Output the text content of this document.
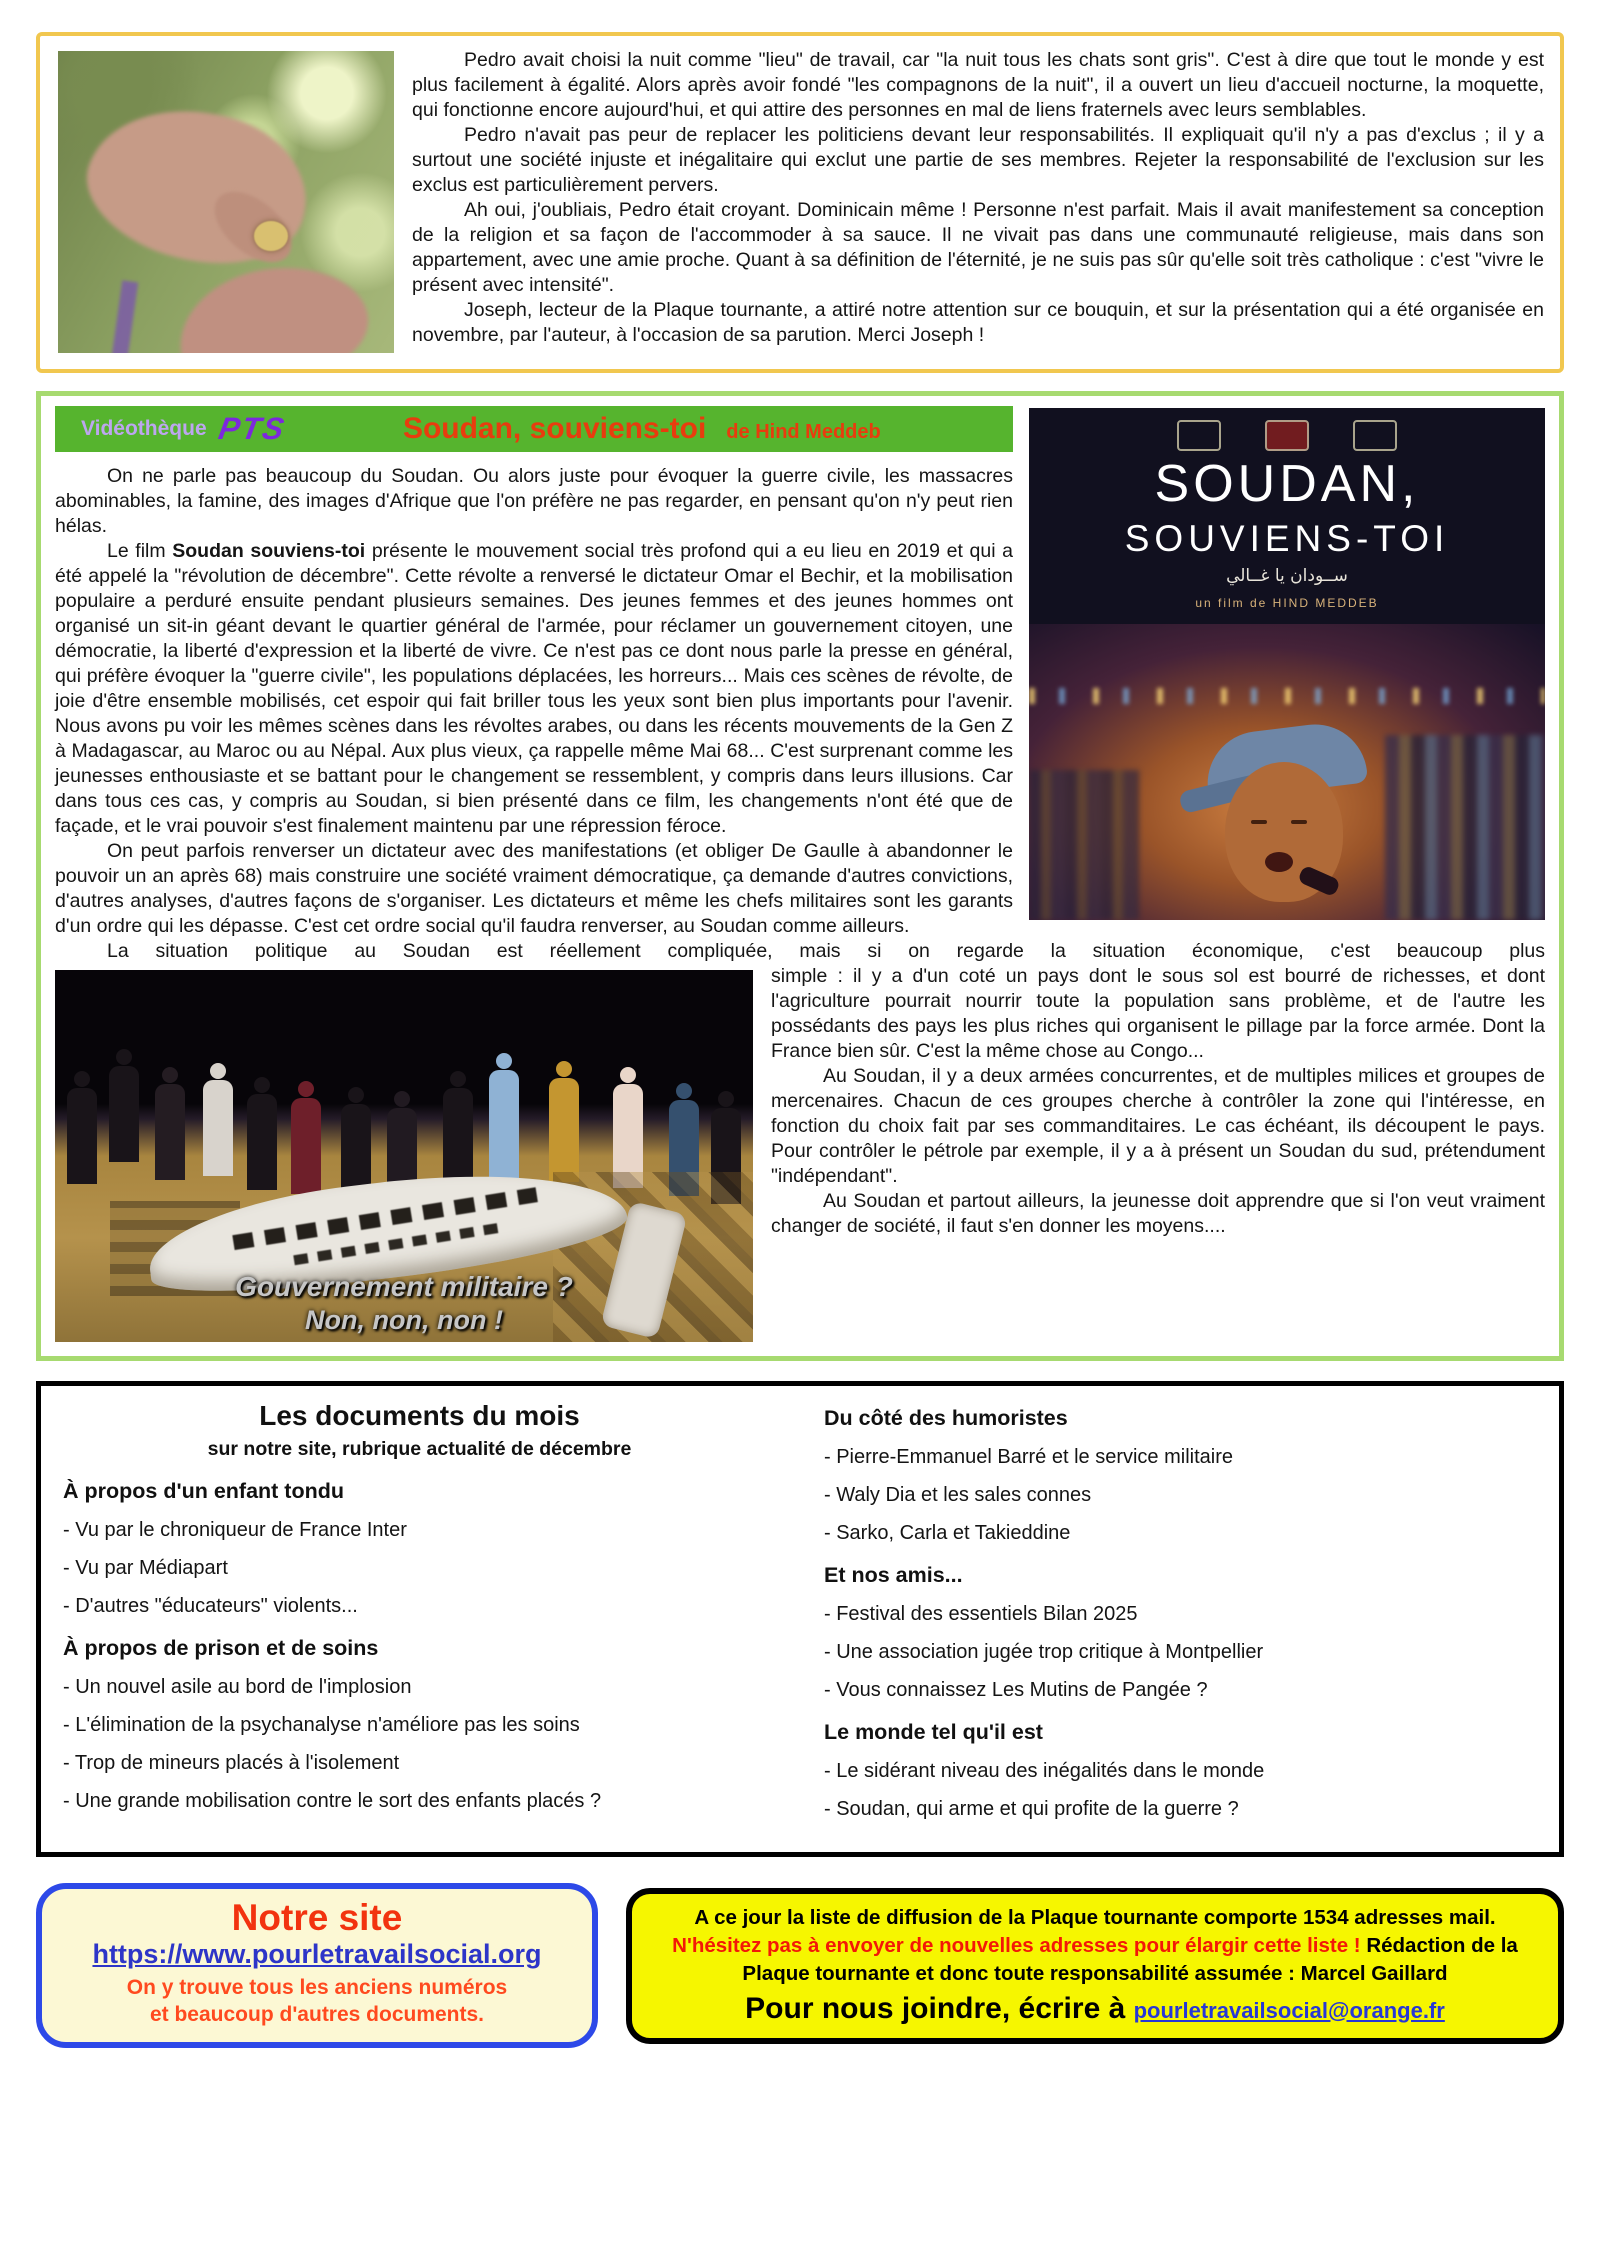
Pedro avait choisi la nuit comme "lieu" de travail, car "la nuit tous les chats sont gris". C'est à dire que tout le monde y est plus facilement à égalité. Alors après avoir fondé "les compagnons de la nuit", il a ouvert un lieu d'accueil nocturne, la moquette, qui fonctionne encore aujourd'hui, et qui attire des personnes en mal de liens fraternels avec leurs semblables.

Pedro n'avait pas peur de replacer les politiciens devant leur responsabilités. Il expliquait qu'il n'y a pas d'exclus ; il y a surtout une société injuste et inégalitaire qui exclut une partie de ses membres. Rejeter la responsabilité de l'exclusion sur les exclus est particulièrement pervers.

Ah oui, j'oubliais, Pedro était croyant. Dominicain même ! Personne n'est parfait. Mais il avait manifestement sa conception de la religion et sa façon de l'accommoder à sa sauce. Il ne vivait pas dans une communauté religieuse, mais dans son appartement, avec une amie proche. Quant à sa définition de l'éternité, je ne suis pas sûr qu'elle soit très catholique : c'est "vivre le présent avec intensité".

Joseph, lecteur de la Plaque tournante, a attiré notre attention sur ce bouquin, et sur la présentation qui a été organisée en novembre, par l'auteur, à l'occasion de sa parution. Merci Joseph !

SOUDAN,
SOUVIENS-TOI
ســودان يا غــالي
un film de HIND MEDDEB
Vidéothèque PTS	Soudan, souviens-toi de Hind Meddeb

On ne parle pas beaucoup du Soudan. Ou alors juste pour évoquer la guerre civile, les massacres abominables, la famine, des images d'Afrique que l'on préfère ne pas regarder, en pensant qu'on n'y peut rien hélas.

Le film Soudan souviens-toi présente le mouvement social très profond qui a eu lieu en 2019 et qui a été appelé la "révolution de décembre". Cette révolte a renversé le dictateur Omar el Bechir, et la mobilisation populaire a perduré ensuite pendant plusieurs semaines. Des jeunes femmes et des jeunes hommes ont organisé un sit-in géant devant le quartier général de l'armée, pour réclamer un gouvernement citoyen, une démocratie, la liberté d'expression et la liberté de vivre. Ce n'est pas ce dont nous parle la presse en général, qui préfère évoquer la "guerre civile", les populations déplacées, les horreurs... Mais ces scènes de révolte, de joie d'être ensemble mobilisés, cet espoir qui fait briller tous les yeux sont bien plus importants pour l'avenir. Nous avons pu voir les mêmes scènes dans les révoltes arabes, ou dans les récents mouvements de la Gen Z à Madagascar, au Maroc ou au Népal. Aux plus vieux, ça rappelle même Mai 68... C'est surprenant comme les jeunesses enthousiaste et se battant pour le changement se ressemblent, y compris dans leurs illusions. Car dans tous ces cas, y compris au Soudan, si bien présenté dans ce film, les changements n'ont été que de façade, et le vrai pouvoir s'est finalement maintenu par une répression féroce.

On peut parfois renverser un dictateur avec des manifestations (et obliger De Gaulle à abandonner le pouvoir un an après 68) mais construire une société vraiment démocratique, ça demande d'autres convictions, d'autres analyses, d'autres façons de s'organiser. Les dictateurs et même les chefs militaires sont les garants d'un ordre qui les dépasse. C'est cet ordre social qu'il faudra renverser, au Soudan comme ailleurs.

La situation politique au Soudan est réellement compliquée, mais si on regarde la situation économique, c'est beaucoup plus

Gouvernement militaire ?
Non, non, non !

simple : il y a d'un coté un pays dont le sous sol est bourré de richesses, et dont l'agriculture pourrait nourrir toute la population sans problème, et de l'autre les possédants des pays les plus riches qui organisent le pillage par la force armée. Dont la France bien sûr. C'est la même chose au Congo...

Au Soudan, il y a deux armées concurrentes, et de multiples milices et groupes de mercenaires. Chacun de ces groupes cherche à contrôler la zone qui l'intéresse, en fonction du choix fait par ses commanditaires. Le cas échéant, ils découpent le pays. Pour contrôler le pétrole par exemple, il y a à présent un Soudan du sud, prétendument "indépendant".

Au Soudan et partout ailleurs, la jeunesse doit apprendre que si l'on veut vraiment changer de société, il faut s'en donner les moyens....

Les documents du mois
sur notre site, rubrique actualité de décembre
À propos d'un enfant tondu
- Vu par le chroniqueur de France Inter
- Vu par Médiapart
- D'autres "éducateurs" violents...
À propos de prison et de soins
- Un nouvel asile au bord de l'implosion
- L'élimination de la psychanalyse n'améliore pas les soins
- Trop de mineurs placés à l'isolement
- Une grande mobilisation contre le sort des enfants placés ?
Du côté des humoristes
- Pierre-Emmanuel Barré et le service militaire
- Waly Dia et les sales connes
- Sarko, Carla et Takieddine
Et nos amis...
- Festival des essentiels Bilan 2025
- Une association jugée trop critique à Montpellier
- Vous connaissez Les Mutins de Pangée ?
Le monde tel qu'il est
- Le sidérant niveau des inégalités dans le monde
- Soudan, qui arme et qui profite de la guerre ?
Notre site
https://www.pourletravailsocial.org
On y trouve tous les anciens numéros
et beaucoup d'autres documents.

A ce jour la liste de diffusion de la Plaque tournante comporte 1534 adresses mail. N'hésitez pas à envoyer de nouvelles adresses pour élargir cette liste ! Rédaction de la Plaque tournante et donc toute responsabilité assumée : Marcel Gaillard

Pour nous joindre, écrire à pourletravailsocial@orange.fr
